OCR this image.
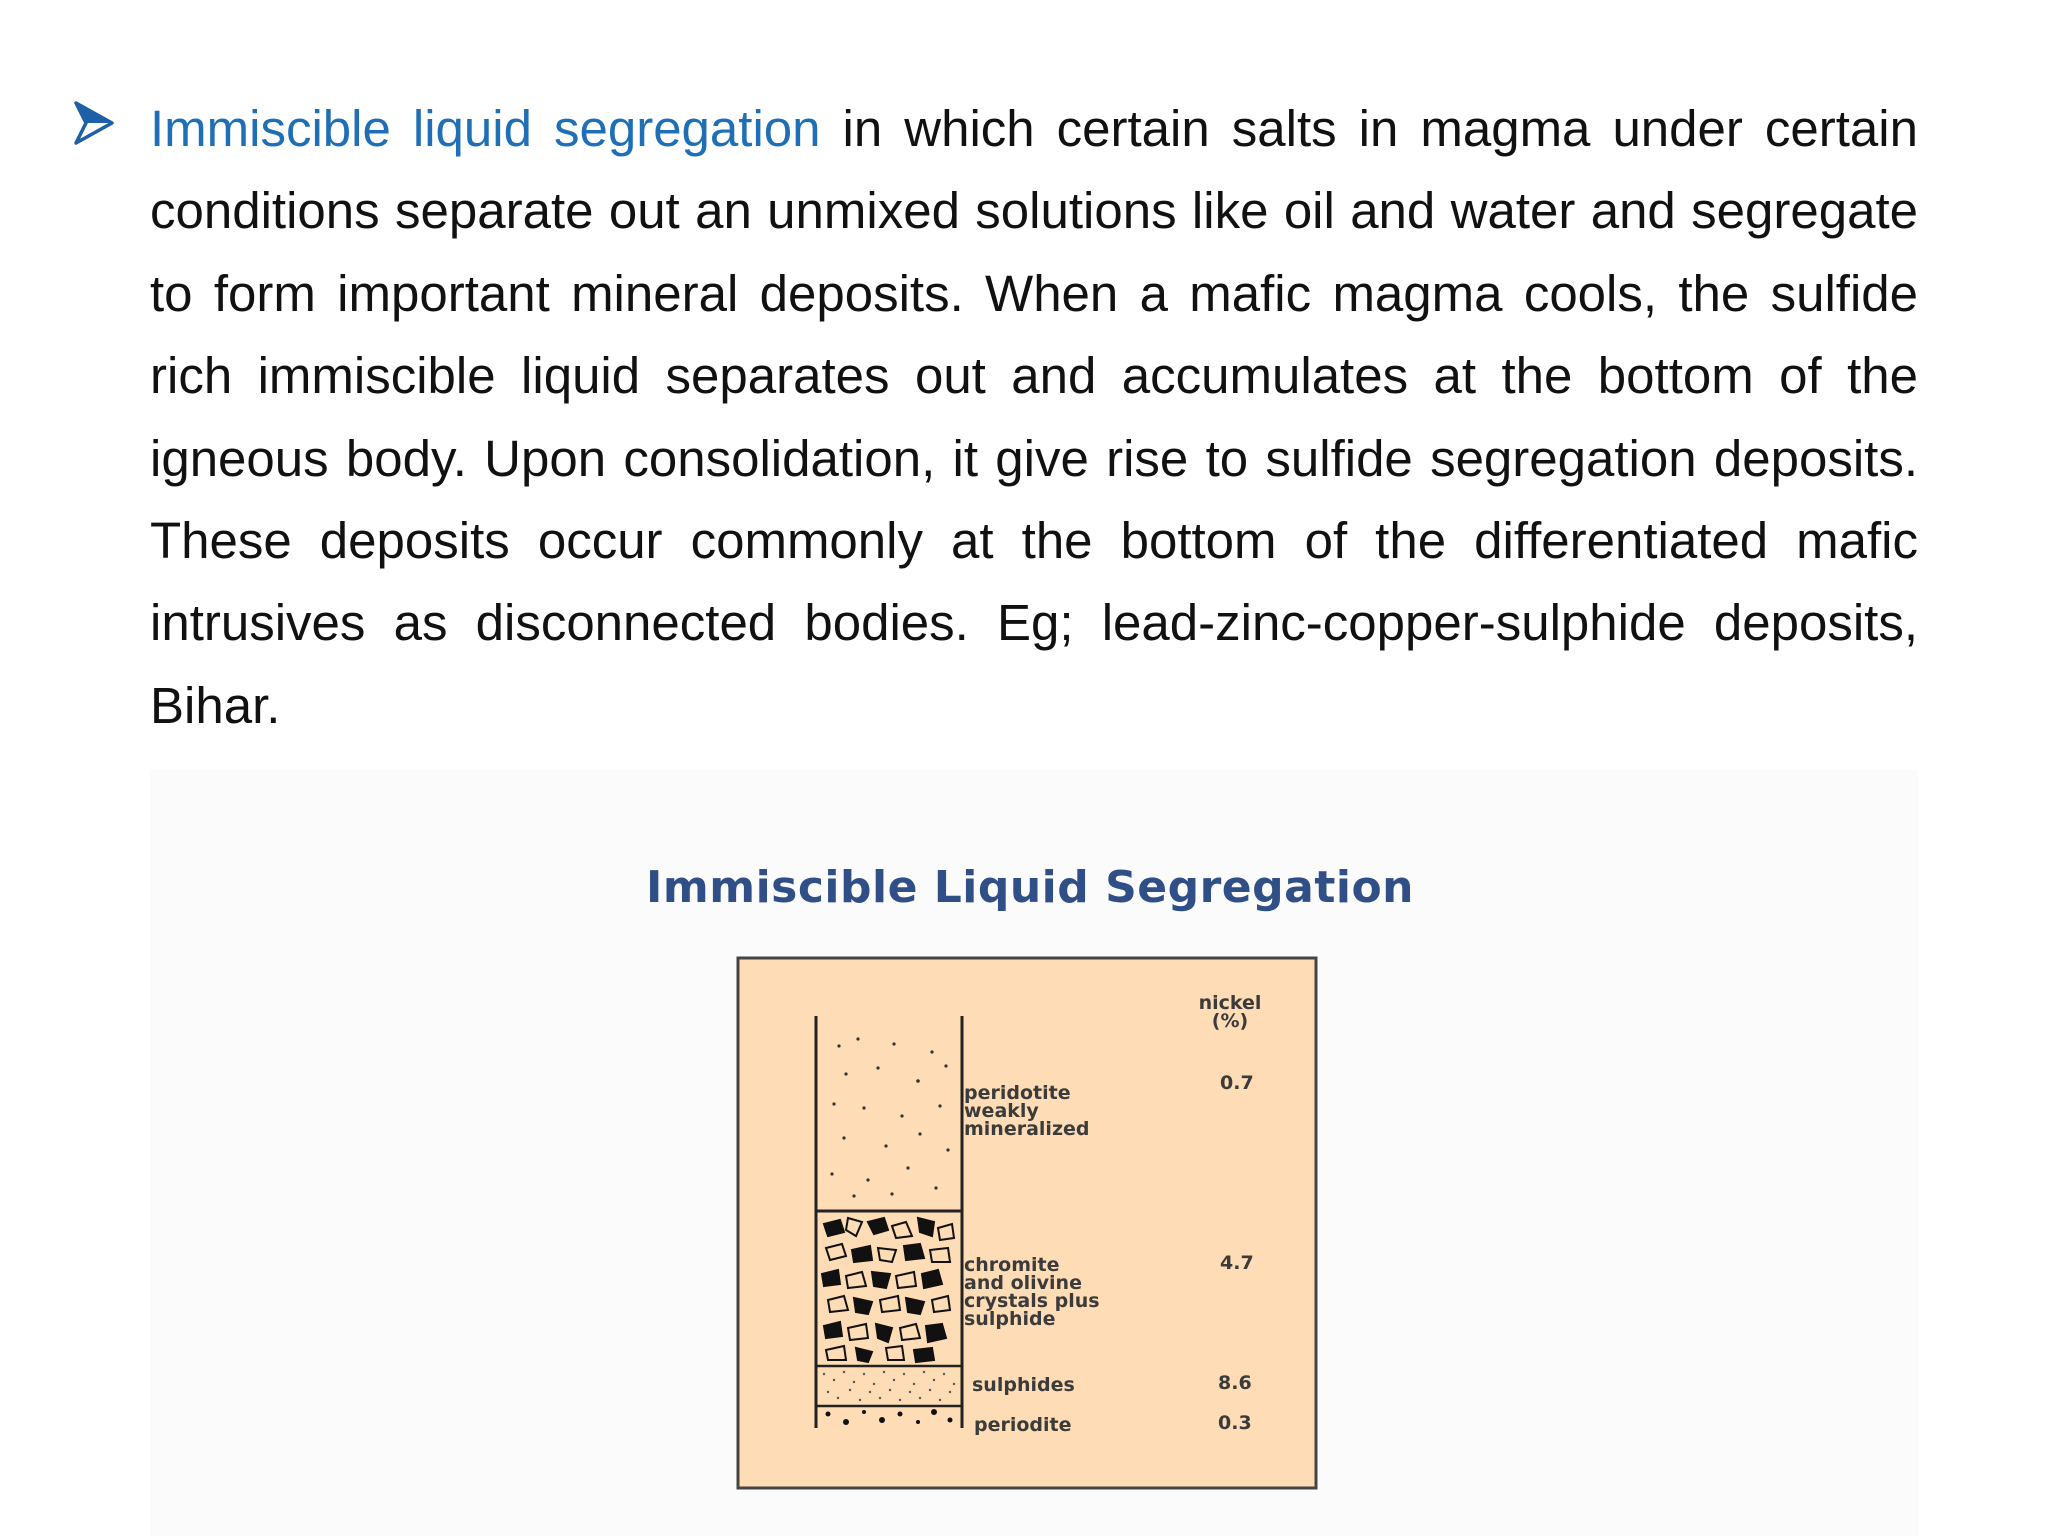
Immiscible liquid segregation in which certain salts in magma under certain conditions separate out an unmixed solutions like oil and water and segregate to form important mineral deposits. When a mafic magma cools, the sulfide rich immiscible liquid separates out and accumulates at the bottom of the igneous body. Upon consolidation, it give rise to sulfide segregation deposits. These deposits occur commonly at the bottom of the differentiated mafic intrusives as disconnected bodies. Eg; lead-zinc-copper-sulphide deposits, Bihar.

Immiscible Liquid Segregation
nickel
(%)
peridotite
weakly
mineralized
0.7
chromite
and olivine
crystals plus
sulphide
4.7
sulphides	8.6
periodite	0.3
